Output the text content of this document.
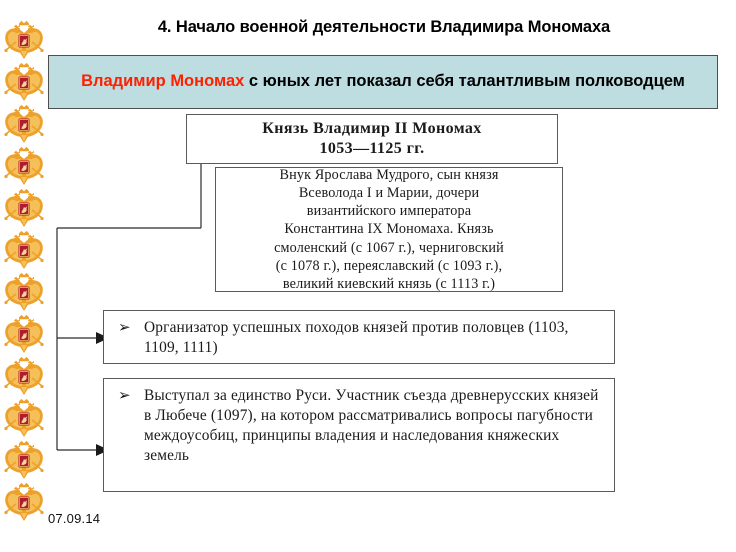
4. Начало военной деятельности Владимира Мономаха
Владимир Мономах с юных лет показал себя талантливым полководцем
Князь Владимир II Мономах
1053—1125 гг.
Внук Ярослава Мудрого, сын князя
Всеволода I и Марии, дочери
византийского императора
Константина IX Мономаха. Князь
смоленский (с 1067 г.), черниговский
(с 1078 г.), переяславский (с 1093 г.),
великий киевский князь (с 1113 г.)
➢ Организатор успешных походов князей против половцев (1103, 1109, 1111)
➢ Выступал за единство Руси. Участник съезда древнерусских князей в Любече (1097), на котором рассматривались вопросы пагубности междоусобиц, принципы владения и наследования княжеских земель
07.09.14
